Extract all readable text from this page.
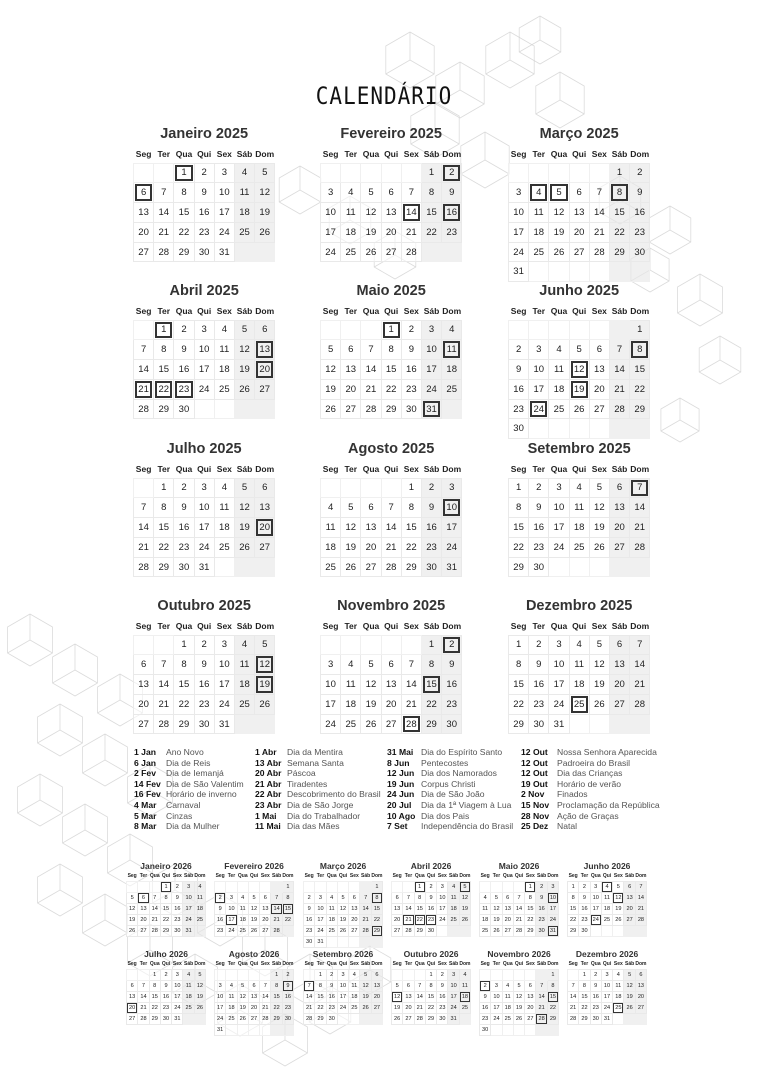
CALENDÁRIO
Janeiro 2025
Seg	Ter	Qua	Qui	Sex	Sáb	Dom
		1	2	3	4	5
6	7	8	9	10	11	12
13	14	15	16	17	18	19
20	21	22	23	24	25	26
27	28	29	30	31		
Fevereiro 2025
Seg	Ter	Qua	Qui	Sex	Sáb	Dom
					1	2
3	4	5	6	7	8	9
10	11	12	13	14	15	16
17	18	19	20	21	22	23
24	25	26	27	28		
Março 2025
Seg	Ter	Qua	Qui	Sex	Sáb	Dom
					1	2
3	4	5	6	7	8	9
10	11	12	13	14	15	16
17	18	19	20	21	22	23
24	25	26	27	28	29	30
31						
Abril 2025
Seg	Ter	Qua	Qui	Sex	Sáb	Dom
	1	2	3	4	5	6
7	8	9	10	11	12	13
14	15	16	17	18	19	20
21	22	23	24	25	26	27
28	29	30				
Maio 2025
Seg	Ter	Qua	Qui	Sex	Sáb	Dom
			1	2	3	4
5	6	7	8	9	10	11
12	13	14	15	16	17	18
19	20	21	22	23	24	25
26	27	28	29	30	31	
Junho 2025
Seg	Ter	Qua	Qui	Sex	Sáb	Dom
						1
2	3	4	5	6	7	8
9	10	11	12	13	14	15
16	17	18	19	20	21	22
23	24	25	26	27	28	29
30						
Julho 2025
Seg	Ter	Qua	Qui	Sex	Sáb	Dom
	1	2	3	4	5	6
7	8	9	10	11	12	13
14	15	16	17	18	19	20
21	22	23	24	25	26	27
28	29	30	31			
Agosto 2025
Seg	Ter	Qua	Qui	Sex	Sáb	Dom
				1	2	3
4	5	6	7	8	9	10
11	12	13	14	15	16	17
18	19	20	21	22	23	24
25	26	27	28	29	30	31
Setembro 2025
Seg	Ter	Qua	Qui	Sex	Sáb	Dom
1	2	3	4	5	6	7
8	9	10	11	12	13	14
15	16	17	18	19	20	21
22	23	24	25	26	27	28
29	30					
Outubro 2025
Seg	Ter	Qua	Qui	Sex	Sáb	Dom
		1	2	3	4	5
6	7	8	9	10	11	12
13	14	15	16	17	18	19
20	21	22	23	24	25	26
27	28	29	30	31		
Novembro 2025
Seg	Ter	Qua	Qui	Sex	Sáb	Dom
					1	2
3	4	5	6	7	8	9
10	11	12	13	14	15	16
17	18	19	20	21	22	23
24	25	26	27	28	29	30
Dezembro 2025
Seg	Ter	Qua	Qui	Sex	Sáb	Dom
1	2	3	4	5	6	7
8	9	10	11	12	13	14
15	16	17	18	19	20	21
22	23	24	25	26	27	28
29	30	31				
Janeiro 2026
Seg	Ter	Qua	Qui	Sex	Sáb	Dom
			1	2	3	4
5	6	7	8	9	10	11
12	13	14	15	16	17	18
19	20	21	22	23	24	25
26	27	28	29	30	31	
Fevereiro 2026
Seg	Ter	Qua	Qui	Sex	Sáb	Dom
						1
2	3	4	5	6	7	8
9	10	11	12	13	14	15
16	17	18	19	20	21	22
23	24	25	26	27	28	
Março 2026
Seg	Ter	Qua	Qui	Sex	Sáb	Dom
						1
2	3	4	5	6	7	8
9	10	11	12	13	14	15
16	17	18	19	20	21	22
23	24	25	26	27	28	29
30	31					
Abril 2026
Seg	Ter	Qua	Qui	Sex	Sáb	Dom
		1	2	3	4	5
6	7	8	9	10	11	12
13	14	15	16	17	18	19
20	21	22	23	24	25	26
27	28	29	30			
Maio 2026
Seg	Ter	Qua	Qui	Sex	Sáb	Dom
				1	2	3
4	5	6	7	8	9	10
11	12	13	14	15	16	17
18	19	20	21	22	23	24
25	26	27	28	29	30	31
Junho 2026
Seg	Ter	Qua	Qui	Sex	Sáb	Dom
1	2	3	4	5	6	7
8	9	10	11	12	13	14
15	16	17	18	19	20	21
22	23	24	25	26	27	28
29	30					
Julho 2026
Seg	Ter	Qua	Qui	Sex	Sáb	Dom
		1	2	3	4	5
6	7	8	9	10	11	12
13	14	15	16	17	18	19
20	21	22	23	24	25	26
27	28	29	30	31		
Agosto 2026
Seg	Ter	Qua	Qui	Sex	Sáb	Dom
					1	2
3	4	5	6	7	8	9
10	11	12	13	14	15	16
17	18	19	20	21	22	23
24	25	26	27	28	29	30
31						
Setembro 2026
Seg	Ter	Qua	Qui	Sex	Sáb	Dom
	1	2	3	4	5	6
7	8	9	10	11	12	13
14	15	16	17	18	19	20
21	22	23	24	25	26	27
28	29	30				
Outubro 2026
Seg	Ter	Qua	Qui	Sex	Sáb	Dom
			1	2	3	4
5	6	7	8	9	10	11
12	13	14	15	16	17	18
19	20	21	22	23	24	25
26	27	28	29	30	31	
Novembro 2026
Seg	Ter	Qua	Qui	Sex	Sáb	Dom
						1
2	3	4	5	6	7	8
9	10	11	12	13	14	15
16	17	18	19	20	21	22
23	24	25	26	27	28	29
30						
Dezembro 2026
Seg	Ter	Qua	Qui	Sex	Sáb	Dom
	1	2	3	4	5	6
7	8	9	10	11	12	13
14	15	16	17	18	19	20
21	22	23	24	25	26	27
28	29	30	31			
1 Jan Ano Novo
6 Jan Dia de Reis
2 Fev Dia de Iemanjá
14 Fev Dia de São Valentim
16 Fev Horário de inverno
4 Mar Carnaval
5 Mar Cinzas
8 Mar Dia da Mulher
1 Abr Dia da Mentira
13 Abr Semana Santa
20 Abr Páscoa
21 Abr Tiradentes
22 Abr Descobrimento do Brasil
23 Abr Dia de São Jorge
1 Mai Dia do Trabalhador
11 Mai Dia das Mães
31 Mai Dia do Espírito Santo
8 Jun Pentecostes
12 Jun Dia dos Namorados
19 Jun Corpus Christi
24 Jun Dia de São João
20 Jul Dia da 1ª Viagem à Lua
10 Ago Dia dos Pais
7 Set Independência do Brasil
12 Out Nossa Senhora Aparecida
12 Out Padroeira do Brasil
12 Out Dia das Crianças
19 Out Horário de verão
2 Nov Finados
15 Nov Proclamação da República
28 Nov Ação de Graças
25 Dez Natal
